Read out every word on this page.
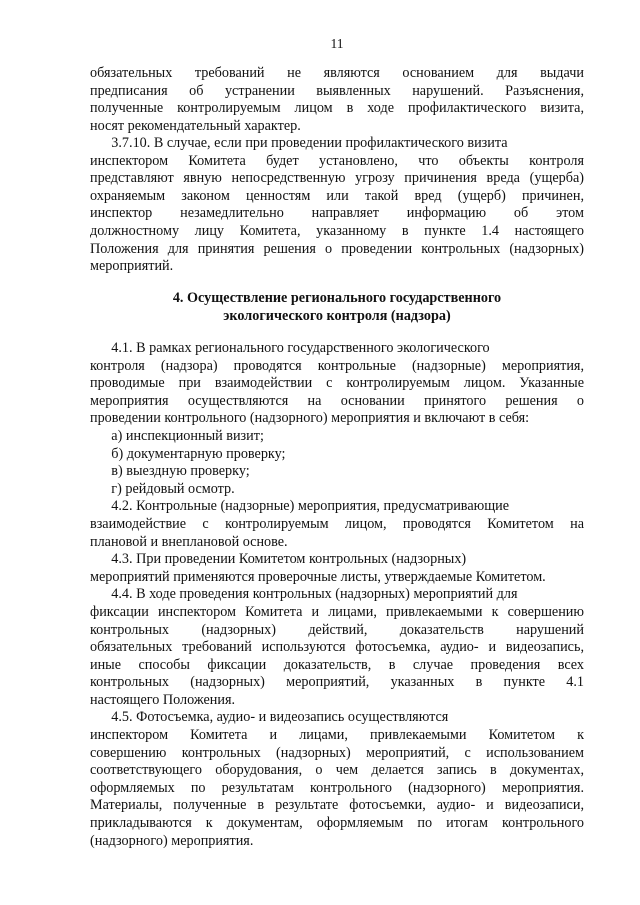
11
обязательных требований не являются основанием для выдачи
предписания об устранении выявленных нарушений. Разъяснения,
полученные контролируемым лицом в ходе профилактического визита,
носят рекомендательный характер.
3.7.10. В случае, если при проведении профилактического визита
инспектором Комитета будет установлено, что объекты контроля
представляют явную непосредственную угрозу причинения вреда (ущерба)
охраняемым законом ценностям или такой вред (ущерб) причинен,
инспектор незамедлительно направляет информацию об этом
должностному лицу Комитета, указанному в пункте 1.4 настоящего
Положения для принятия решения о проведении контрольных (надзорных)
мероприятий.
4. Осуществление регионального государственного
экологического контроля (надзора)
4.1. В рамках регионального государственного экологического
контроля (надзора) проводятся контрольные (надзорные) мероприятия,
проводимые при взаимодействии с контролируемым лицом. Указанные
мероприятия осуществляются на основании принятого решения о
проведении контрольного (надзорного) мероприятия и включают в себя:
а) инспекционный визит;
б) документарную проверку;
в) выездную проверку;
г) рейдовый осмотр.
4.2. Контрольные (надзорные) мероприятия, предусматривающие
взаимодействие с контролируемым лицом, проводятся Комитетом на
плановой и внеплановой основе.
4.3. При проведении Комитетом контрольных (надзорных)
мероприятий применяются проверочные листы, утверждаемые Комитетом.
4.4. В ходе проведения контрольных (надзорных) мероприятий для
фиксации инспектором Комитета и лицами, привлекаемыми к совершению
контрольных (надзорных) действий, доказательств нарушений
обязательных требований используются фотосъемка, аудио- и видеозапись,
иные способы фиксации доказательств, в случае проведения всех
контрольных (надзорных) мероприятий, указанных в пункте 4.1
настоящего Положения.
4.5. Фотосъемка, аудио- и видеозапись осуществляются
инспектором Комитета и лицами, привлекаемыми Комитетом к
совершению контрольных (надзорных) мероприятий, с использованием
соответствующего оборудования, о чем делается запись в документах,
оформляемых по результатам контрольного (надзорного) мероприятия.
Материалы, полученные в результате фотосъемки, аудио- и видеозаписи,
прикладываются к документам, оформляемым по итогам контрольного
(надзорного) мероприятия.
